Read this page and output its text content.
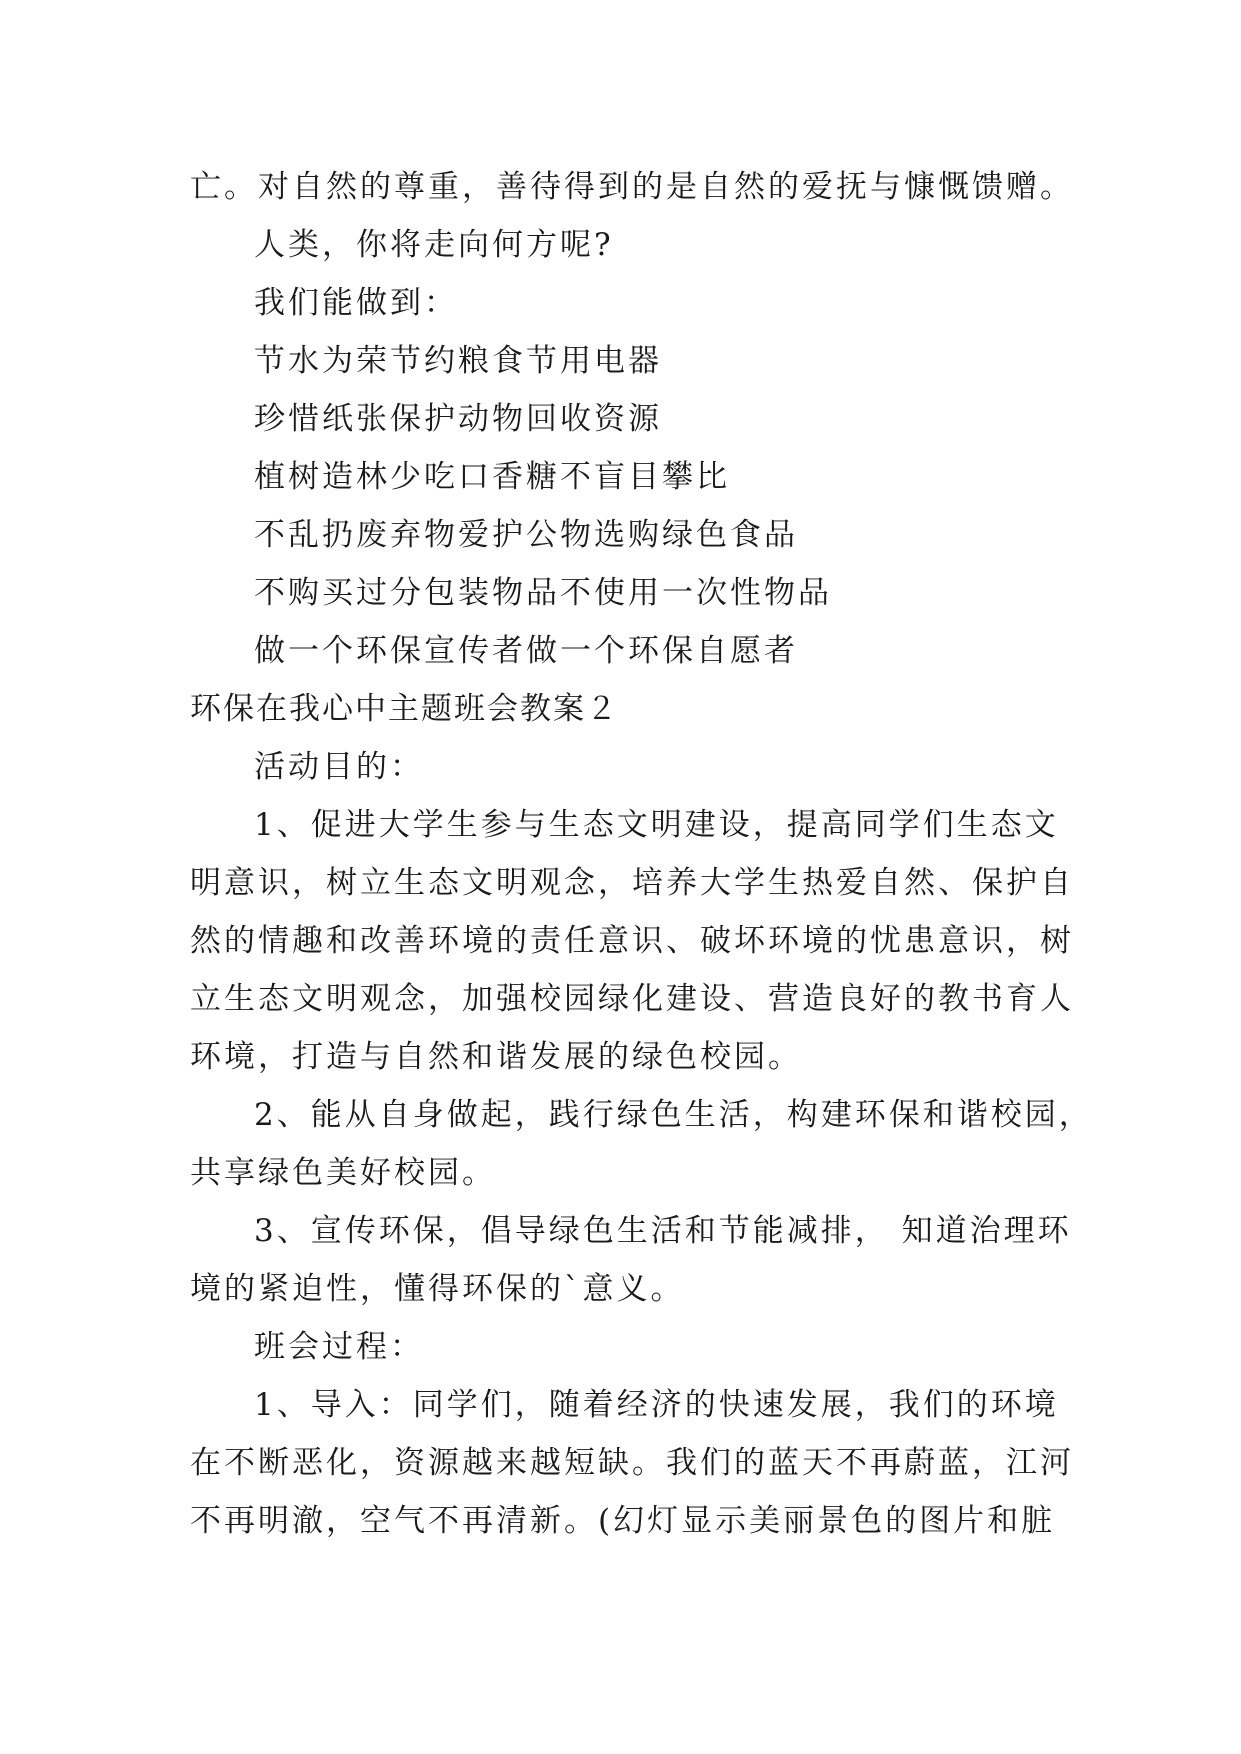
亡。对自然的尊重，善待得到的是自然的爱抚与慷慨馈赠。
人类，你将走向何方呢?
我们能做到：
节水为荣节约粮食节用电器
珍惜纸张保护动物回收资源
植树造林少吃口香糖不盲目攀比
不乱扔废弃物爱护公物选购绿色食品
不购买过分包装物品不使用一次性物品
做一个环保宣传者做一个环保自愿者
环保在我心中主题班会教案２
活动目的：
1、促进大学生参与生态文明建设，提高同学们生态文
明意识，树立生态文明观念，培养大学生热爱自然、保护自
然的情趣和改善环境的责任意识、破坏环境的忧患意识，树
立生态文明观念，加强校园绿化建设、营造良好的教书育人
环境，打造与自然和谐发展的绿色校园。
2、能从自身做起，践行绿色生活，构建环保和谐校园，
共享绿色美好校园。
3、宣传环保，倡导绿色生活和节能减排， 知道治理环
境的紧迫性，懂得环保的`意义。
班会过程：
1、导入：同学们，随着经济的快速发展，我们的环境
在不断恶化，资源越来越短缺。我们的蓝天不再蔚蓝，江河
不再明澈，空气不再清新。(幻灯显示美丽景色的图片和脏
